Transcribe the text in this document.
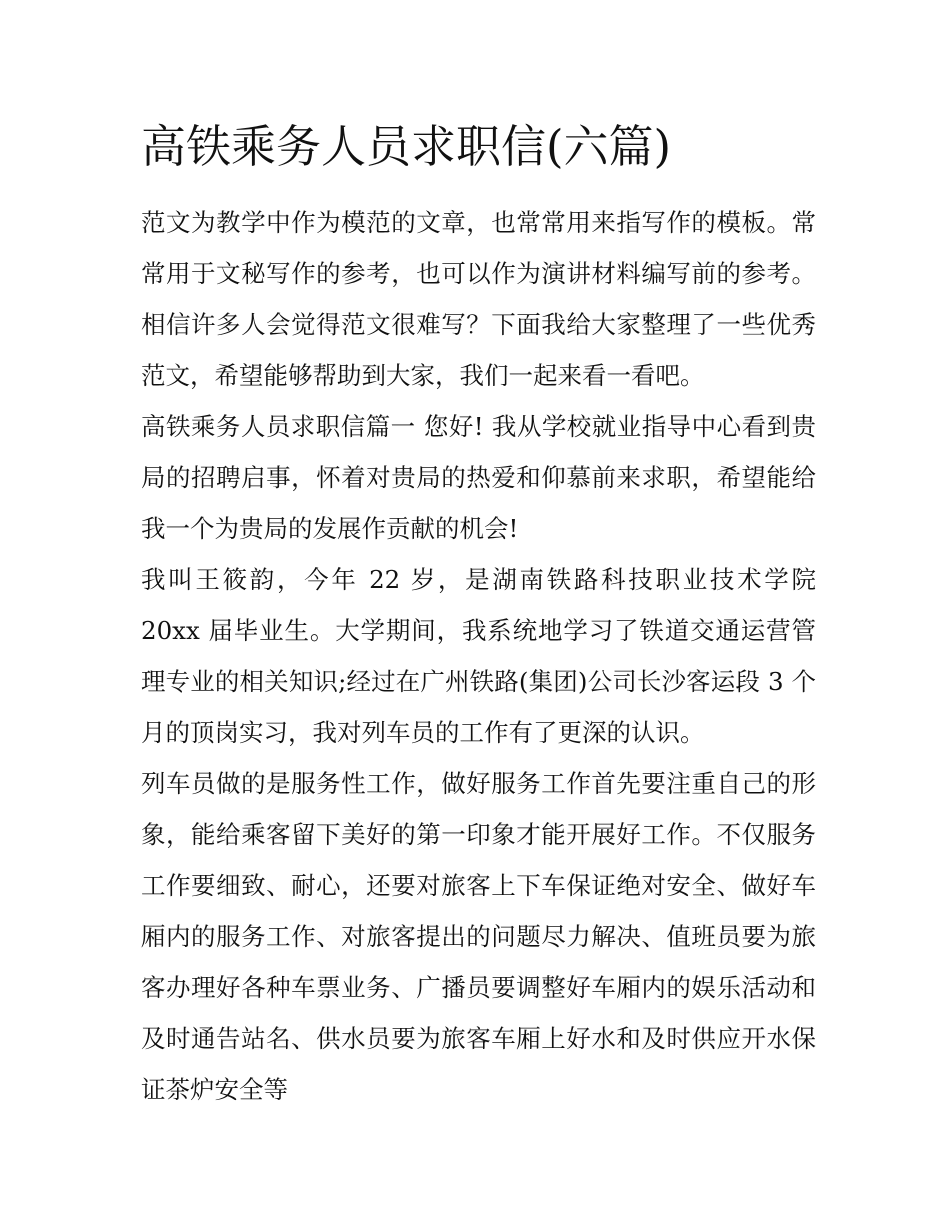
高铁乘务人员求职信(六篇)

范文为教学中作为模范的文章，也常常用来指写作的模板。常常用于文秘写作的参考，也可以作为演讲材料编写前的参考。相信许多人会觉得范文很难写？下面我给大家整理了一些优秀范文，希望能够帮助到大家，我们一起来看一看吧。

高铁乘务人员求职信篇一 您好! 我从学校就业指导中心看到贵局的招聘启事，怀着对贵局的热爱和仰慕前来求职，希望能给我一个为贵局的发展作贡献的机会!

我叫王筱韵，今年 22 岁，是湖南铁路科技职业技术学院 20xx 届毕业生。大学期间，我系统地学习了铁道交通运营管理专业的相关知识;经过在广州铁路(集团)公司长沙客运段 3 个月的顶岗实习，我对列车员的工作有了更深的认识。

列车员做的是服务性工作，做好服务工作首先要注重自己的形象，能给乘客留下美好的第一印象才能开展好工作。不仅服务工作要细致、耐心，还要对旅客上下车保证绝对安全、做好车厢内的服务工作、对旅客提出的问题尽力解决、值班员要为旅客办理好各种车票业务、广播员要调整好车厢内的娱乐活动和及时通告站名、供水员要为旅客车厢上好水和及时供应开水保证茶炉安全等
